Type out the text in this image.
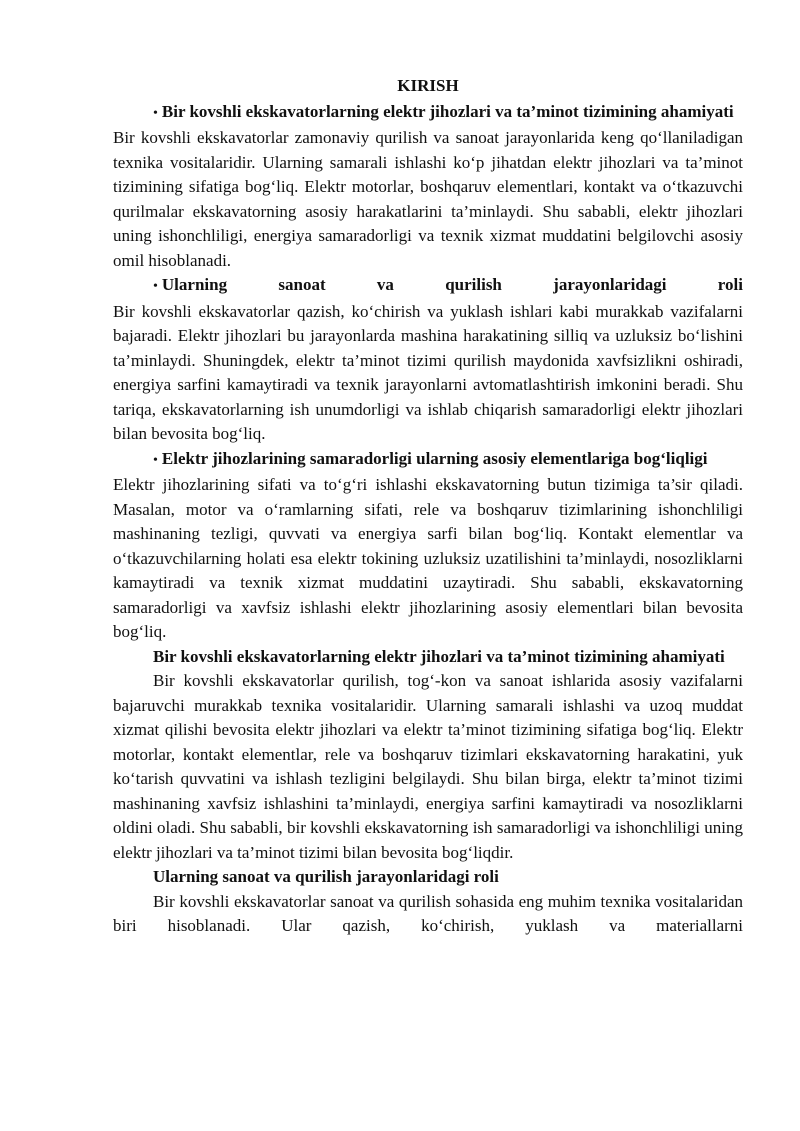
KIRISH

• Bir kovshli ekskavatorlarning elektr jihozlari va ta’minot tizimining ahamiyati

Bir kovshli ekskavatorlar zamonaviy qurilish va sanoat jarayonlarida keng qo‘llaniladigan texnika vositalaridir. Ularning samarali ishlashi ko‘p jihatdan elektr jihozlari va ta’minot tizimining sifatiga bog‘liq. Elektr motorlar, boshqaruv elementlari, kontakt va o‘tkazuvchi qurilmalar ekskavatorning asosiy harakatlarini ta’minlaydi. Shu sababli, elektr jihozlari uning ishonchliligi, energiya samaradorligi va texnik xizmat muddatini belgilovchi asosiy omil hisoblanadi.

• Ularning sanoat va qurilish jarayonlaridagi roli

Bir kovshli ekskavatorlar qazish, ko‘chirish va yuklash ishlari kabi murakkab vazifalarni bajaradi. Elektr jihozlari bu jarayonlarda mashina harakatining silliq va uzluksiz bo‘lishini ta’minlaydi. Shuningdek, elektr ta’minot tizimi qurilish maydonida xavfsizlikni oshiradi, energiya sarfini kamaytiradi va texnik jarayonlarni avtomatlashtirish imkonini beradi. Shu tariqa, ekskavatorlarning ish unumdorligi va ishlab chiqarish samaradorligi elektr jihozlari bilan bevosita bog‘liq.

• Elektr jihozlarining samaradorligi ularning asosiy elementlariga bog‘liqligi

Elektr jihozlarining sifati va to‘g‘ri ishlashi ekskavatorning butun tizimiga ta’sir qiladi. Masalan, motor va o‘ramlarning sifati, rele va boshqaruv tizimlarining ishonchliligi mashinaning tezligi, quvvati va energiya sarfi bilan bog‘liq. Kontakt elementlar va o‘tkazuvchilarning holati esa elektr tokining uzluksiz uzatilishini ta’minlaydi, nosozliklarni kamaytiradi va texnik xizmat muddatini uzaytiradi. Shu sababli, ekskavatorning samaradorligi va xavfsiz ishlashi elektr jihozlarining asosiy elementlari bilan bevosita bog‘liq.

Bir kovshli ekskavatorlarning elektr jihozlari va ta’minot tizimining ahamiyati

Bir kovshli ekskavatorlar qurilish, tog‘-kon va sanoat ishlarida asosiy vazifalarni bajaruvchi murakkab texnika vositalaridir. Ularning samarali ishlashi va uzoq muddat xizmat qilishi bevosita elektr jihozlari va elektr ta’minot tizimining sifatiga bog‘liq. Elektr motorlar, kontakt elementlar, rele va boshqaruv tizimlari ekskavatorning harakatini, yuk ko‘tarish quvvatini va ishlash tezligini belgilaydi. Shu bilan birga, elektr ta’minot tizimi mashinaning xavfsiz ishlashini ta’minlaydi, energiya sarfini kamaytiradi va nosozliklarni oldini oladi. Shu sababli, bir kovshli ekskavatorning ish samaradorligi va ishonchliligi uning elektr jihozlari va ta’minot tizimi bilan bevosita bog‘liqdir.

Ularning sanoat va qurilish jarayonlaridagi roli

Bir kovshli ekskavatorlar sanoat va qurilish sohasida eng muhim texnika vositalaridan biri hisoblanadi. Ular qazish, ko‘chirish, yuklash va materiallarni
